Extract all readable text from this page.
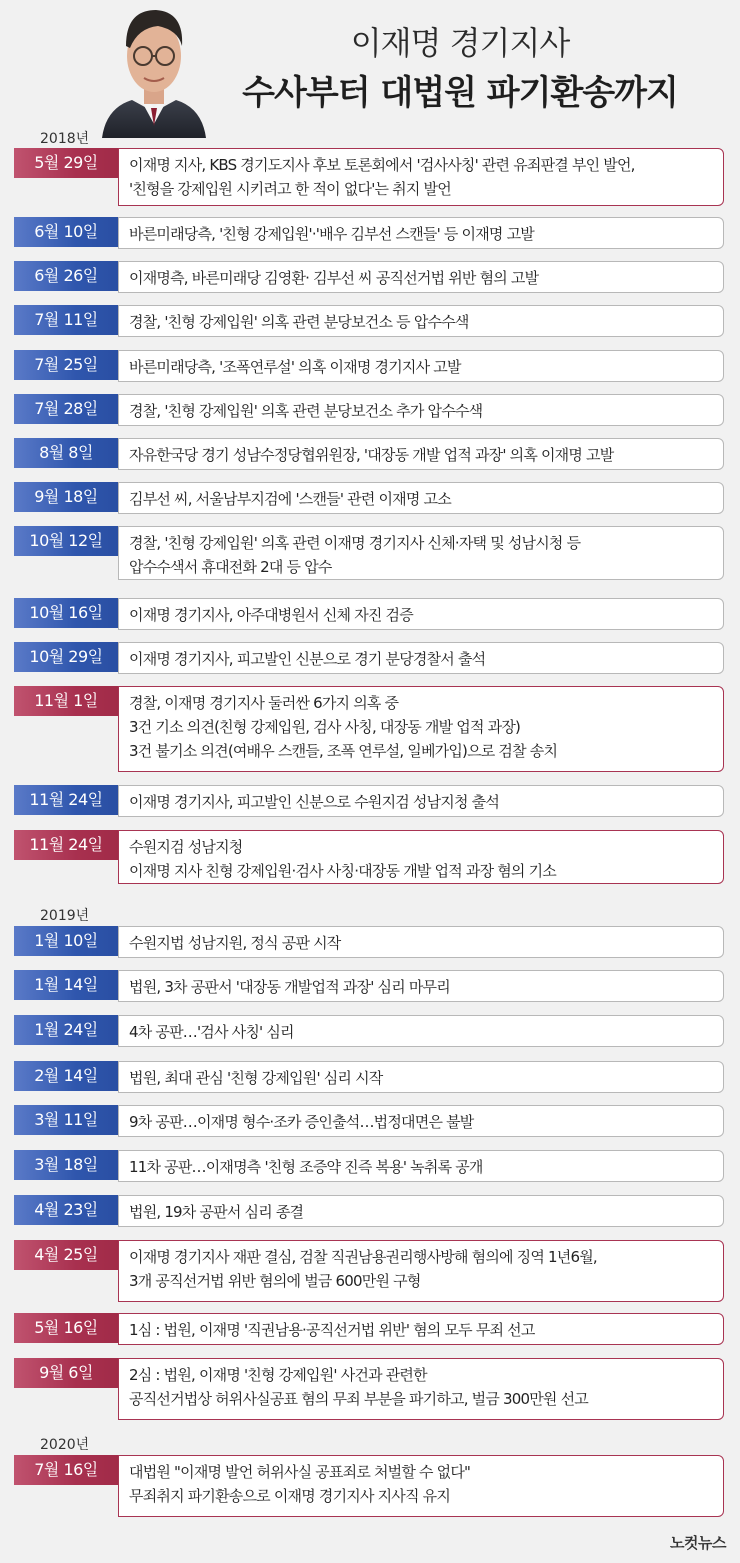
이재명 경기지사
수사부터 대법원 파기환송까지
2018년
2019년
2020년
이재명 지사, KBS 경기도지사 후보 토론회에서 '검사사칭' 관련 유죄판결 부인 발언,
'친형을 강제입원 시키려고 한 적이 없다'는 취지 발언
5월 29일
바른미래당측, '친형 강제입원'·'배우 김부선 스캔들' 등 이재명 고발
6월 10일
이재명측, 바른미래당 김영환· 김부선 씨 공직선거법 위반 혐의 고발
6월 26일
경찰, '친형 강제입원' 의혹 관련 분당보건소 등 압수수색
7월 11일
바른미래당측, '조폭연루설' 의혹 이재명 경기지사 고발
7월 25일
경찰, '친형 강제입원' 의혹 관련 분당보건소 추가 압수수색
7월 28일
자유한국당 경기 성남수정당협위원장, '대장동 개발 업적 과장' 의혹 이재명 고발
8월 8일
김부선 씨, 서울남부지검에 '스캔들' 관련 이재명 고소
9월 18일
경찰, '친형 강제입원' 의혹 관련 이재명 경기지사 신체·자택 및 성남시청 등
압수수색서 휴대전화 2대 등 압수
10월 12일
이재명 경기지사, 아주대병원서 신체 자진 검증
10월 16일
이재명 경기지사, 피고발인 신분으로 경기 분당경찰서 출석
10월 29일
경찰, 이재명 경기지사 둘러싼 6가지 의혹 중
3건 기소 의견(친형 강제입원, 검사 사칭, 대장동 개발 업적 과장)
3건 불기소 의견(여배우 스캔들, 조폭 연루설, 일베가입)으로 검찰 송치
11월 1일
이재명 경기지사, 피고발인 신분으로 수원지검 성남지청 출석
11월 24일
수원지검 성남지청
이재명 지사 친형 강제입원·검사 사칭·대장동 개발 업적 과장 혐의 기소
11월 24일
수원지법 성남지원, 정식 공판 시작
1월 10일
법원, 3차 공판서 '대장동 개발업적 과장' 심리 마무리
1월 14일
4차 공판…'검사 사칭' 심리
1월 24일
법원, 최대 관심 '친형 강제입원' 심리 시작
2월 14일
9차 공판…이재명 형수·조카 증인출석…법정대면은 불발
3월 11일
11차 공판…이재명측 '친형 조증약 진즉 복용' 녹취록 공개
3월 18일
법원, 19차 공판서 심리 종결
4월 23일
이재명 경기지사 재판 결심, 검찰 직권남용권리행사방해 혐의에 징역 1년6월,
3개 공직선거법 위반 혐의에 벌금 600만원 구형
4월 25일
1심 : 법원, 이재명 '직권남용·공직선거법 위반' 혐의 모두 무죄 선고
5월 16일
2심 : 법원, 이재명 '친형 강제입원' 사건과 관련한
공직선거법상 허위사실공표 혐의 무죄 부분을 파기하고, 벌금 300만원 선고
9월 6일
대법원 "이재명 발언 허위사실 공표죄로 처벌할 수 없다"
무죄취지 파기환송으로 이재명 경기지사 지사직 유지
7월 16일
노컷뉴스
